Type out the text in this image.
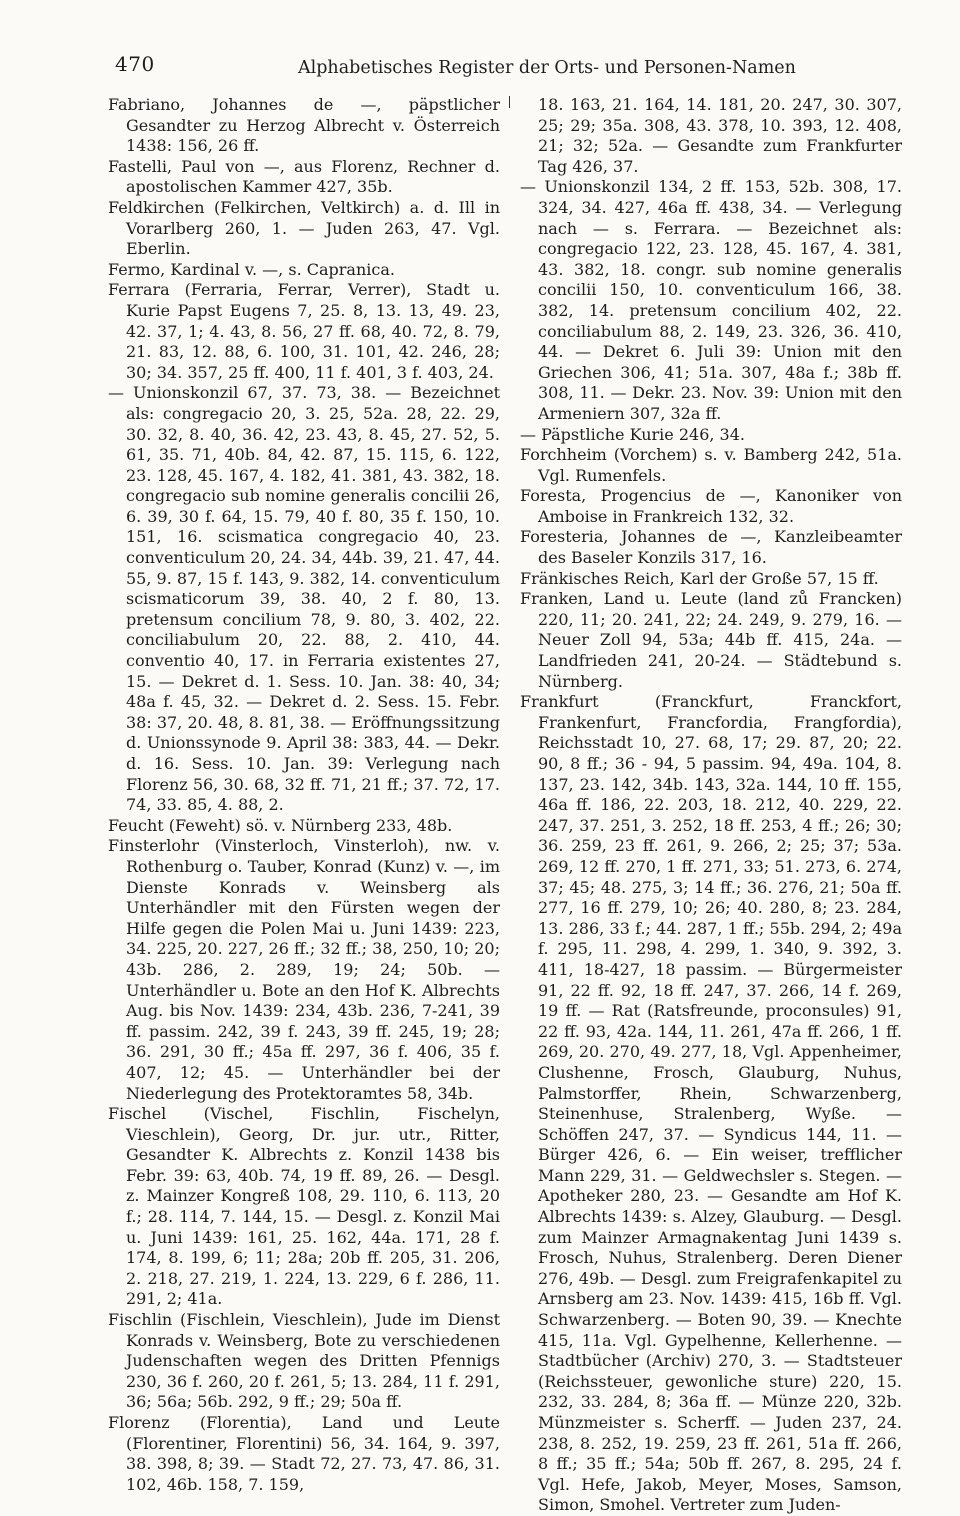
470	Alphabetisches Register der Orts- und Personen-Namen

Fabriano, Johannes de —, päpstlicher Gesandter zu Herzog Albrecht v. Österreich 1438: 156, 26 ff.

Fastelli, Paul von —, aus Florenz, Rechner d. apostolischen Kammer 427, 35b.

Feldkirchen (Felkirchen, Veltkirch) a. d. Ill in Vorarlberg 260, 1. — Juden 263, 47. Vgl. Eberlin.

Fermo, Kardinal v. —, s. Capranica.

Ferrara (Ferraria, Ferrar, Verrer), Stadt u. Kurie Papst Eugens 7, 25. 8, 13. 13, 49. 23, 42. 37, 1; 4. 43, 8. 56, 27 ff. 68, 40. 72, 8. 79, 21. 83, 12. 88, 6. 100, 31. 101, 42. 246, 28; 30; 34. 357, 25 ff. 400, 11 f. 401, 3 f. 403, 24.

— Unionskonzil 67, 37. 73, 38. — Bezeichnet als: congregacio 20, 3. 25, 52a. 28, 22. 29, 30. 32, 8. 40, 36. 42, 23. 43, 8. 45, 27. 52, 5. 61, 35. 71, 40b. 84, 42. 87, 15. 115, 6. 122, 23. 128, 45. 167, 4. 182, 41. 381, 43. 382, 18. congregacio sub nomine generalis concilii 26, 6. 39, 30 f. 64, 15. 79, 40 f. 80, 35 f. 150, 10. 151, 16. scismatica congregacio 40, 23. conventiculum 20, 24. 34, 44b. 39, 21. 47, 44. 55, 9. 87, 15 f. 143, 9. 382, 14. conventiculum scismaticorum 39, 38. 40, 2 f. 80, 13. pretensum concilium 78, 9. 80, 3. 402, 22. conciliabulum 20, 22. 88, 2. 410, 44. conventio 40, 17. in Ferraria existentes 27, 15. — Dekret d. 1. Sess. 10. Jan. 38: 40, 34; 48a f. 45, 32. — Dekret d. 2. Sess. 15. Febr. 38: 37, 20. 48, 8. 81, 38. — Eröffnungssitzung d. Unionssynode 9. April 38: 383, 44. — Dekr. d. 16. Sess. 10. Jan. 39: Verlegung nach Florenz 56, 30. 68, 32 ff. 71, 21 ff.; 37. 72, 17. 74, 33. 85, 4. 88, 2.

Feucht (Feweht) sö. v. Nürnberg 233, 48b.

Finsterlohr (Vinsterloch, Vinsterloh), nw. v. Rothenburg o. Tauber, Konrad (Kunz) v. —, im Dienste Konrads v. Weinsberg als Unterhändler mit den Fürsten wegen der Hilfe gegen die Polen Mai u. Juni 1439: 223, 34. 225, 20. 227, 26 ff.; 32 ff.; 38, 250, 10; 20; 43b. 286, 2. 289, 19; 24; 50b. — Unterhändler u. Bote an den Hof K. Albrechts Aug. bis Nov. 1439: 234, 43b. 236, 7-241, 39 ff. passim. 242, 39 f. 243, 39 ff. 245, 19; 28; 36. 291, 30 ff.; 45a ff. 297, 36 f. 406, 35 f. 407, 12; 45. — Unterhändler bei der Niederlegung des Protektoramtes 58, 34b.

Fischel (Vischel, Fischlin, Fischelyn, Vieschlein), Georg, Dr. jur. utr., Ritter, Gesandter K. Albrechts z. Konzil 1438 bis Febr. 39: 63, 40b. 74, 19 ff. 89, 26. — Desgl. z. Mainzer Kongreß 108, 29. 110, 6. 113, 20 f.; 28. 114, 7. 144, 15. — Desgl. z. Konzil Mai u. Juni 1439: 161, 25. 162, 44a. 171, 28 f. 174, 8. 199, 6; 11; 28a; 20b ff. 205, 31. 206, 2. 218, 27. 219, 1. 224, 13. 229, 6 f. 286, 11. 291, 2; 41a.

Fischlin (Fischlein, Vieschlein), Jude im Dienst Konrads v. Weinsberg, Bote zu verschiedenen Judenschaften wegen des Dritten Pfennigs 230, 36 f. 260, 20 f. 261, 5; 13. 284, 11 f. 291, 36; 56a; 56b. 292, 9 ff.; 29; 50a ff.

Florenz (Florentia), Land und Leute (Florentiner, Florentini) 56, 34. 164, 9. 397, 38. 398, 8; 39. — Stadt 72, 27. 73, 47. 86, 31. 102, 46b. 158, 7. 159,

18. 163, 21. 164, 14. 181, 20. 247, 30. 307, 25; 29; 35a. 308, 43. 378, 10. 393, 12. 408, 21; 32; 52a. — Gesandte zum Frankfurter Tag 426, 37.

— Unionskonzil 134, 2 ff. 153, 52b. 308, 17. 324, 34. 427, 46a ff. 438, 34. — Verlegung nach — s. Ferrara. — Bezeichnet als: congregacio 122, 23. 128, 45. 167, 4. 381, 43. 382, 18. congr. sub nomine generalis concilii 150, 10. conventiculum 166, 38. 382, 14. pretensum concilium 402, 22. conciliabulum 88, 2. 149, 23. 326, 36. 410, 44. — Dekret 6. Juli 39: Union mit den Griechen 306, 41; 51a. 307, 48a f.; 38b ff. 308, 11. — Dekr. 23. Nov. 39: Union mit den Armeniern 307, 32a ff.

— Päpstliche Kurie 246, 34.

Forchheim (Vorchem) s. v. Bamberg 242, 51a. Vgl. Rumenfels.

Foresta, Progencius de —, Kanoniker von Amboise in Frankreich 132, 32.

Foresteria, Johannes de —, Kanzleibeamter des Baseler Konzils 317, 16.

Fränkisches Reich, Karl der Große 57, 15 ff.

Franken, Land u. Leute (land zů Francken) 220, 11; 20. 241, 22; 24. 249, 9. 279, 16. — Neuer Zoll 94, 53a; 44b ff. 415, 24a. —Landfrieden 241, 20-24. — Städtebund s. Nürnberg.

Frankfurt (Franckfurt, Franckfort, Frankenfurt, Francfordia, Frangfordia), Reichsstadt 10, 27. 68, 17; 29. 87, 20; 22. 90, 8 ff.; 36 - 94, 5 passim. 94, 49a. 104, 8. 137, 23. 142, 34b. 143, 32a. 144, 10 ff. 155, 46a ff. 186, 22. 203, 18. 212, 40. 229, 22. 247, 37. 251, 3. 252, 18 ff. 253, 4 ff.; 26; 30; 36. 259, 23 ff. 261, 9. 266, 2; 25; 37; 53a. 269, 12 ff. 270, 1 ff. 271, 33; 51. 273, 6. 274, 37; 45; 48. 275, 3; 14 ff.; 36. 276, 21; 50a ff. 277, 16 ff. 279, 10; 26; 40. 280, 8; 23. 284, 13. 286, 33 f.; 44. 287, 1 ff.; 55b. 294, 2; 49a f. 295, 11. 298, 4. 299, 1. 340, 9. 392, 3. 411, 18-427, 18 passim. — Bürgermeister 91, 22 ff. 92, 18 ff. 247, 37. 266, 14 f. 269, 19 ff. — Rat (Ratsfreunde, proconsules) 91, 22 ff. 93, 42a. 144, 11. 261, 47a ff. 266, 1 ff. 269, 20. 270, 49. 277, 18, Vgl. Appenheimer, Clushenne, Frosch, Glauburg, Nuhus, Palmstorffer, Rhein, Schwarzenberg, Steinenhuse, Stralenberg, Wyße. — Schöffen 247, 37. — Syndicus 144, 11. — Bürger 426, 6. — Ein weiser, trefflicher Mann 229, 31. — Geldwechsler s. Stegen. — Apotheker 280, 23. — Gesandte am Hof K. Albrechts 1439: s. Alzey, Glauburg. — Desgl. zum Mainzer Armagnakentag Juni 1439 s. Frosch, Nuhus, Stralenberg. Deren Diener 276, 49b. — Desgl. zum Freigrafenkapitel zu Arnsberg am 23. Nov. 1439: 415, 16b ff. Vgl. Schwarzenberg. — Boten 90, 39. — Knechte 415, 11a. Vgl. Gypelhenne, Kellerhenne. — Stadtbücher (Archiv) 270, 3. — Stadtsteuer (Reichssteuer, gewonliche sture) 220, 15. 232, 33. 284, 8; 36a ff. — Münze 220, 32b. Münzmeister s. Scherff. — Juden 237, 24. 238, 8. 252, 19. 259, 23 ff. 261, 51a ff. 266, 8 ff.; 35 ff.; 54a; 50b ff. 267, 8. 295, 24 f. Vgl. Hefe, Jakob, Meyer, Moses, Samson, Simon, Smohel. Vertreter zum Juden-
